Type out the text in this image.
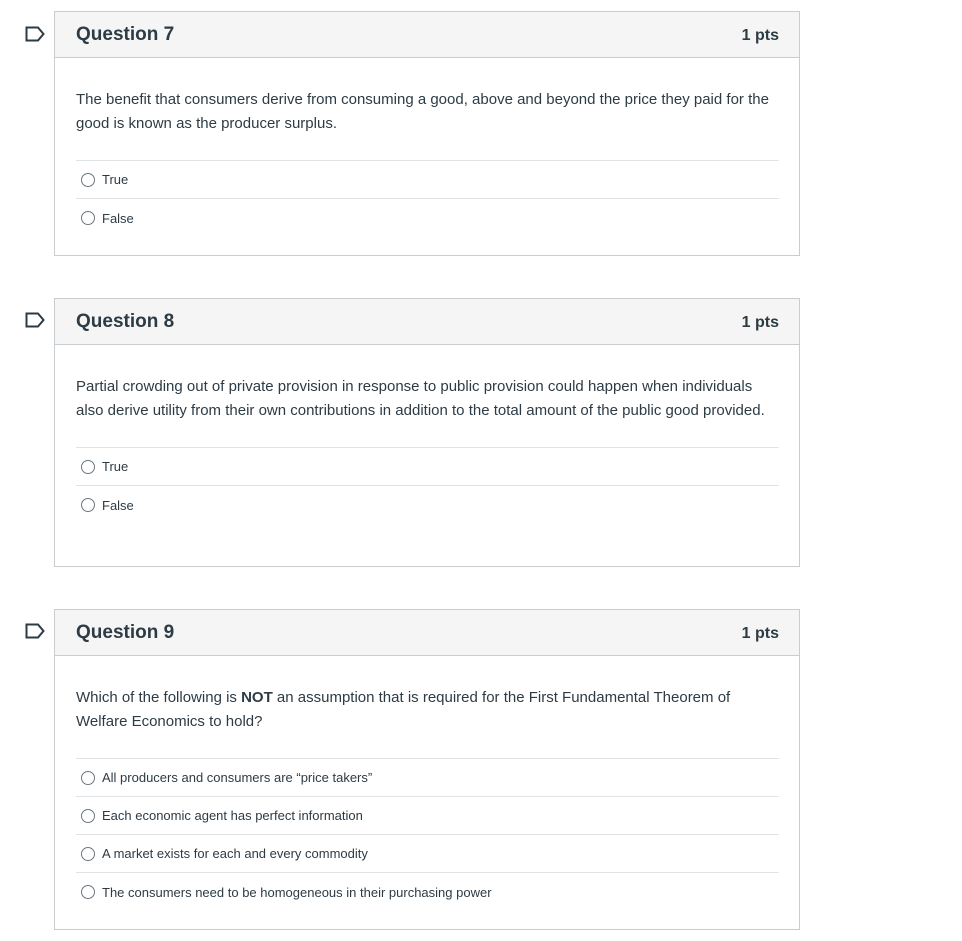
Question 7	1 pts
The benefit that consumers derive from consuming a good, above and beyond the price they paid for the good is known as the producer surplus.
True
False
Question 8	1 pts
Partial crowding out of private provision in response to public provision could happen when individuals also derive utility from their own contributions in addition to the total amount of the public good provided.
True
False
Question 9	1 pts
Which of the following is NOT an assumption that is required for the First Fundamental Theorem of Welfare Economics to hold?
All producers and consumers are “price takers”
Each economic agent has perfect information
A market exists for each and every commodity
The consumers need to be homogeneous in their purchasing power
